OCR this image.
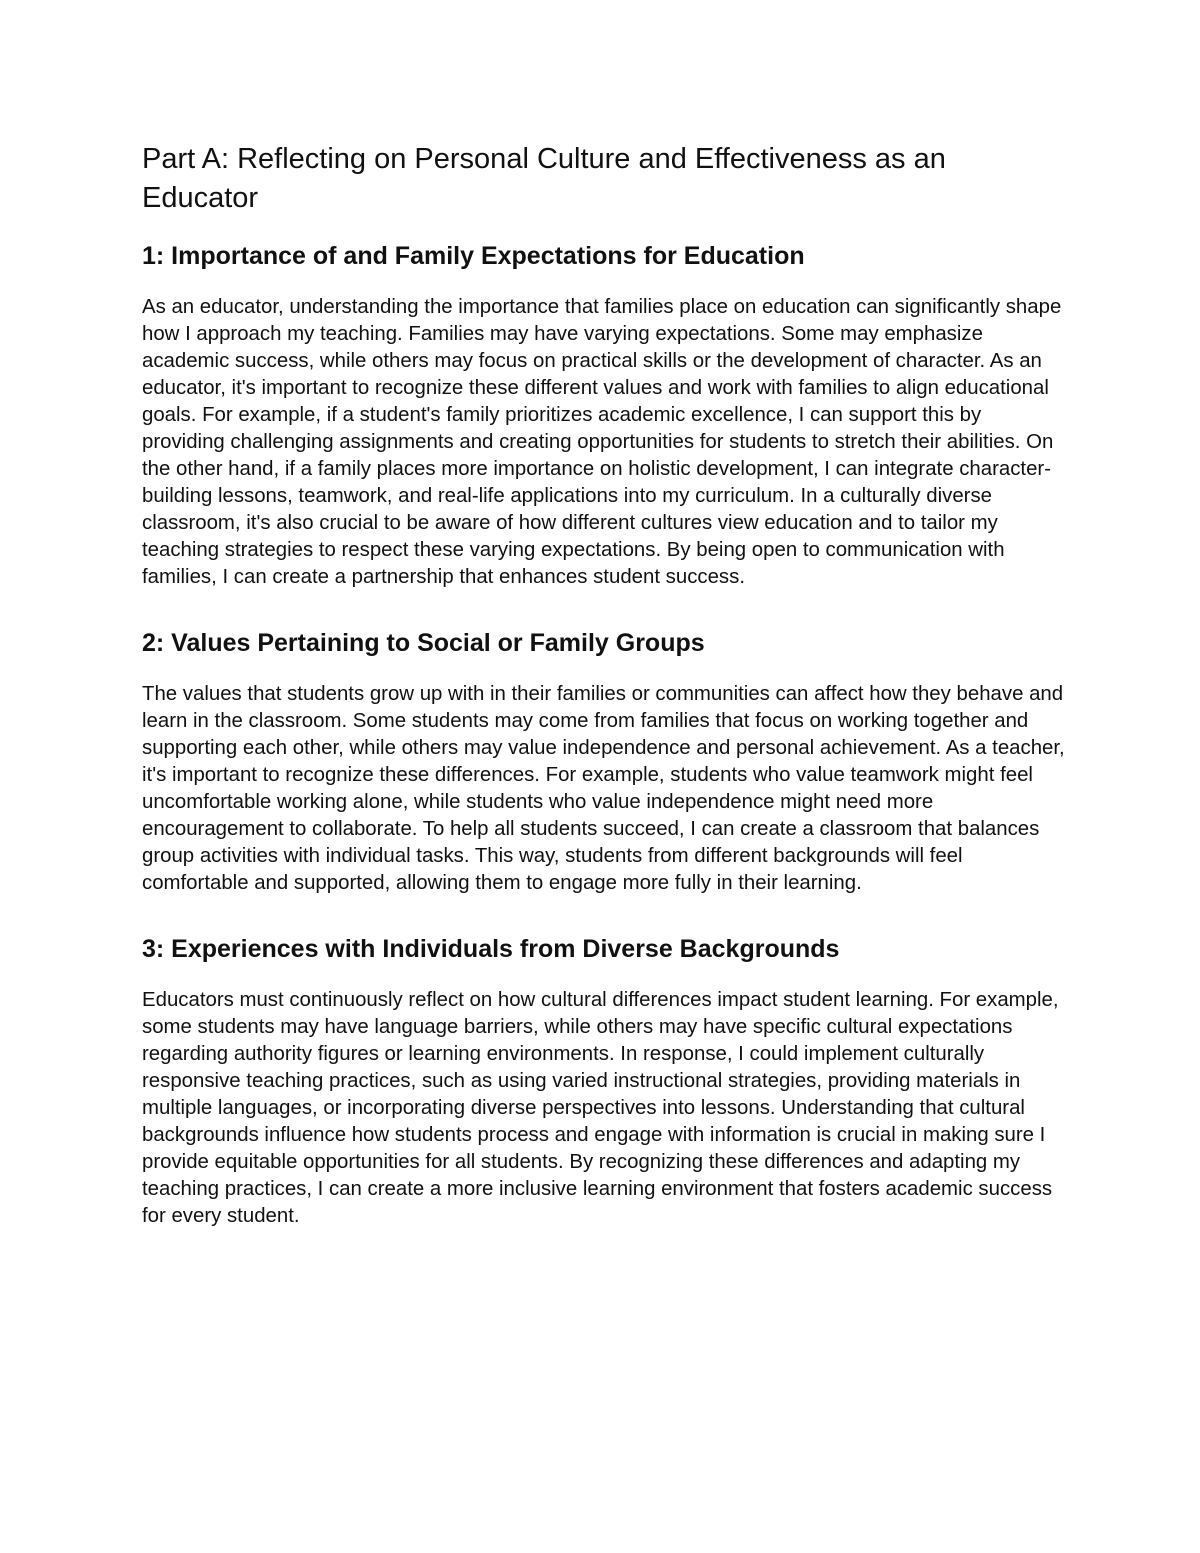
Part A: Reflecting on Personal Culture and Effectiveness as an Educator
1: Importance of and Family Expectations for Education

As an educator, understanding the importance that families place on education can significantly shape how I approach my teaching. Families may have varying expectations. Some may emphasize academic success, while others may focus on practical skills or the development of character. As an educator, it's important to recognize these different values and work with families to align educational goals. For example, if a student's family prioritizes academic excellence, I can support this by providing challenging assignments and creating opportunities for students to stretch their abilities. On the other hand, if a family places more importance on holistic development, I can integrate character-building lessons, teamwork, and real-life applications into my curriculum. In a culturally diverse classroom, it's also crucial to be aware of how different cultures view education and to tailor my teaching strategies to respect these varying expectations. By being open to communication with families, I can create a partnership that enhances student success.

2: Values Pertaining to Social or Family Groups

The values that students grow up with in their families or communities can affect how they behave and learn in the classroom. Some students may come from families that focus on working together and supporting each other, while others may value independence and personal achievement. As a teacher, it's important to recognize these differences. For example, students who value teamwork might feel uncomfortable working alone, while students who value independence might need more encouragement to collaborate. To help all students succeed, I can create a classroom that balances group activities with individual tasks. This way, students from different backgrounds will feel comfortable and supported, allowing them to engage more fully in their learning.

3: Experiences with Individuals from Diverse Backgrounds

Educators must continuously reflect on how cultural differences impact student learning. For example, some students may have language barriers, while others may have specific cultural expectations regarding authority figures or learning environments. In response, I could implement culturally responsive teaching practices, such as using varied instructional strategies, providing materials in multiple languages, or incorporating diverse perspectives into lessons. Understanding that cultural backgrounds influence how students process and engage with information is crucial in making sure I provide equitable opportunities for all students. By recognizing these differences and adapting my teaching practices, I can create a more inclusive learning environment that fosters academic success for every student.
